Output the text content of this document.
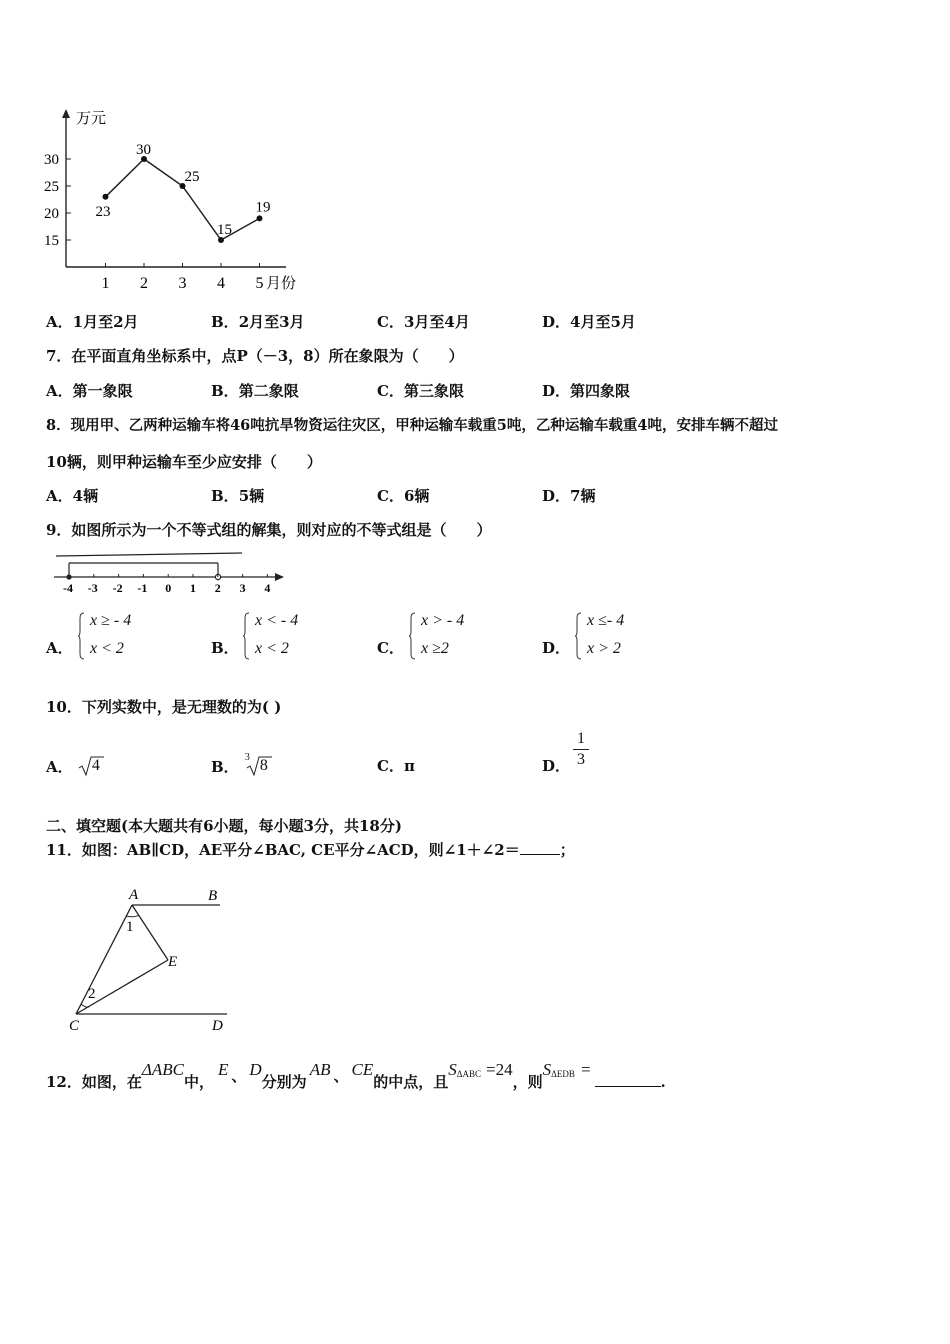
万元
月份
15
20
25
30
1 2 3 4 5
23
30
25
15
19
A．1月至2月	B．2月至3月	C．3月至4月	D．4月至5月
7．在平面直角坐标系中，点P（－3，8）所在象限为（　　）
A．第一象限	B．第二象限	C．第三象限	D．第四象限
8．现用甲、乙两种运输车将46吨抗旱物资运往灾区，甲种运输车载重5吨，乙种运输车载重4吨，安排车辆不超过
10辆，则甲种运输车至少应安排（　　）
A．4辆	B．5辆	C．6辆	D．7辆
9．如图所示为一个不等式组的解集，则对应的不等式组是（　　）
-4 -3 -2 -1 0 1 2 3 4
A．
x ≥ - 4
x < 2	B．
x < - 4
x < 2	C．
x > - 4
x ≥2	D．
x ≤- 4
x > 2
10．下列实数中，是无理数的为( )
A． 4	B．
3 8	C．π	D．
1
3
二、填空题(本大题共有6小题，每小题3分，共18分)
11．如图：AB∥CD，AE平分∠BAC, CE平分∠ACD，则∠1＋∠2＝	；
A	B
C	D
E
1
2
12．如图，在ΔABC中，E 、 D分别为AB 、 CE的中点，且SΔABC =24，则SΔEDB =.
